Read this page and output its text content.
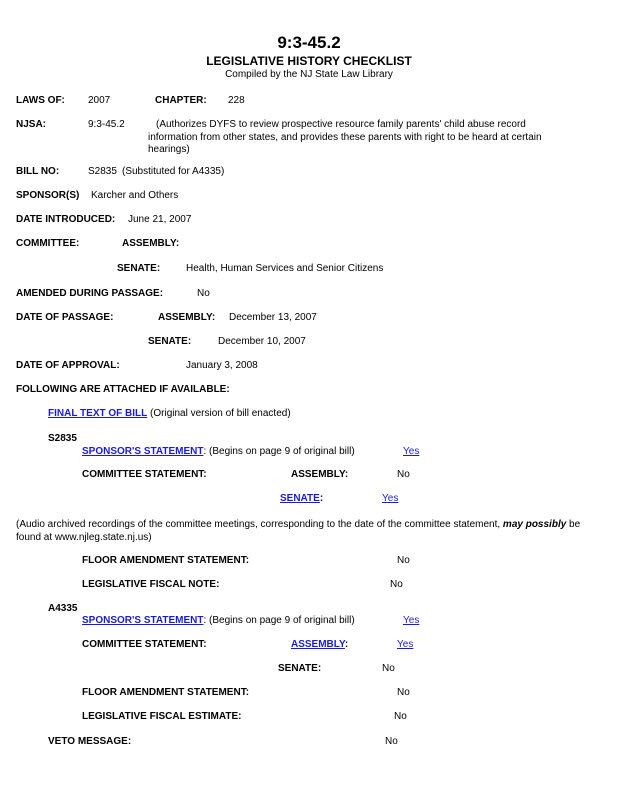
9:3-45.2
LEGISLATIVE HISTORY CHECKLIST
Compiled by the NJ State Law Library
LAWS OF: 2007	CHAPTER: 228
NJSA:	9:3-45.2	(Authorizes DYFS to review prospective resource family parents' child abuse record information from other states, and provides these parents with right to be heard at certain hearings)
BILL NO:	S2835 (Substituted for A4335)
SPONSOR(S) Karcher and Others
DATE INTRODUCED: June 21, 2007
COMMITTEE:	ASSEMBLY:
SENATE:	Health, Human Services and Senior Citizens
AMENDED DURING PASSAGE:	No
DATE OF PASSAGE:	ASSEMBLY: December 13, 2007
SENATE:	December 10, 2007
DATE OF APPROVAL:	January 3, 2008
FOLLOWING ARE ATTACHED IF AVAILABLE:
FINAL TEXT OF BILL (Original version of bill enacted)
S2835
SPONSOR'S STATEMENT: (Begins on page 9 of original bill)	Yes
COMMITTEE STATEMENT:	ASSEMBLY:	No
SENATE:	Yes
(Audio archived recordings of the committee meetings, corresponding to the date of the committee statement, may possibly be found at www.njleg.state.nj.us)
FLOOR AMENDMENT STATEMENT:	No
LEGISLATIVE FISCAL NOTE:	No
A4335
SPONSOR'S STATEMENT: (Begins on page 9 of original bill)	Yes
COMMITTEE STATEMENT:	ASSEMBLY:	Yes
SENATE:	No
FLOOR AMENDMENT STATEMENT:	No
LEGISLATIVE FISCAL ESTIMATE:	No
VETO MESSAGE:	No
